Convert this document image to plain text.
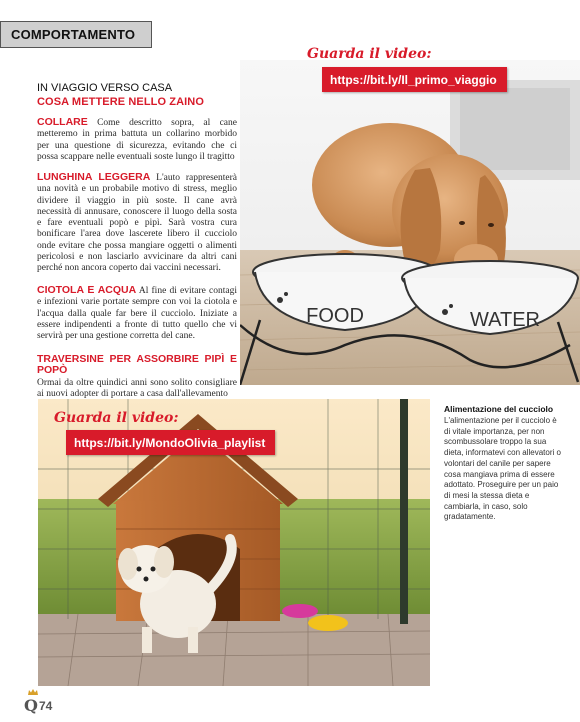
COMPORTAMENTO
IN VIAGGIO VERSO CASA
COSA METTERE NELLO ZAINO
COLLARE Come descritto sopra, al cane metteremo in prima battuta un collarino morbido per una questione di sicurezza, evitando che ci possa scappare nelle eventuali soste lungo il tragitto
LUNGHINA LEGGERA L'auto rappresenterà una novità e un probabile motivo di stress, meglio dividere il viaggio in più soste. Il cane avrà necessità di annusare, conoscere il luogo della sosta e fare eventuali popò e pipì. Sarà vostra cura bonificare l'area dove lascerete libero il cucciolo onde evitare che possa mangiare oggetti o alimenti pericolosi e non lasciarlo avvicinare da altri cani perché non ancora coperto dai vaccini necessari.
CIOTOLA E ACQUA Al fine di evitare contagi e infezioni varie portate sempre con voi la ciotola e l'acqua dalla quale far bere il cucciolo. Iniziate a essere indipendenti a fronte di tutto quello che vi servirà per una gestione corretta del cane.
TRAVERSINE PER ASSORBIRE PIPÌ E POPÒ
Ormai da oltre quindici anni sono solito consigliare ai nuovi adopter di portare a casa dall'allevamento
FOOD	WATER
Guarda il video:
https://bit.ly/Il_primo_viaggio
Guarda il video:
https://bit.ly/MondoOlivia_playlist
Alimentazione del cucciolo
L'alimentazione per il cucciolo è di vitale importanza, per non scombussolare troppo la sua dieta, informatevi con allevatori o volontari del canile per sapere cosa mangiava prima di essere adottato. Proseguire per un paio di mesi la stessa dieta e cambiarla, in caso, solo gradatamente.
Q 74
